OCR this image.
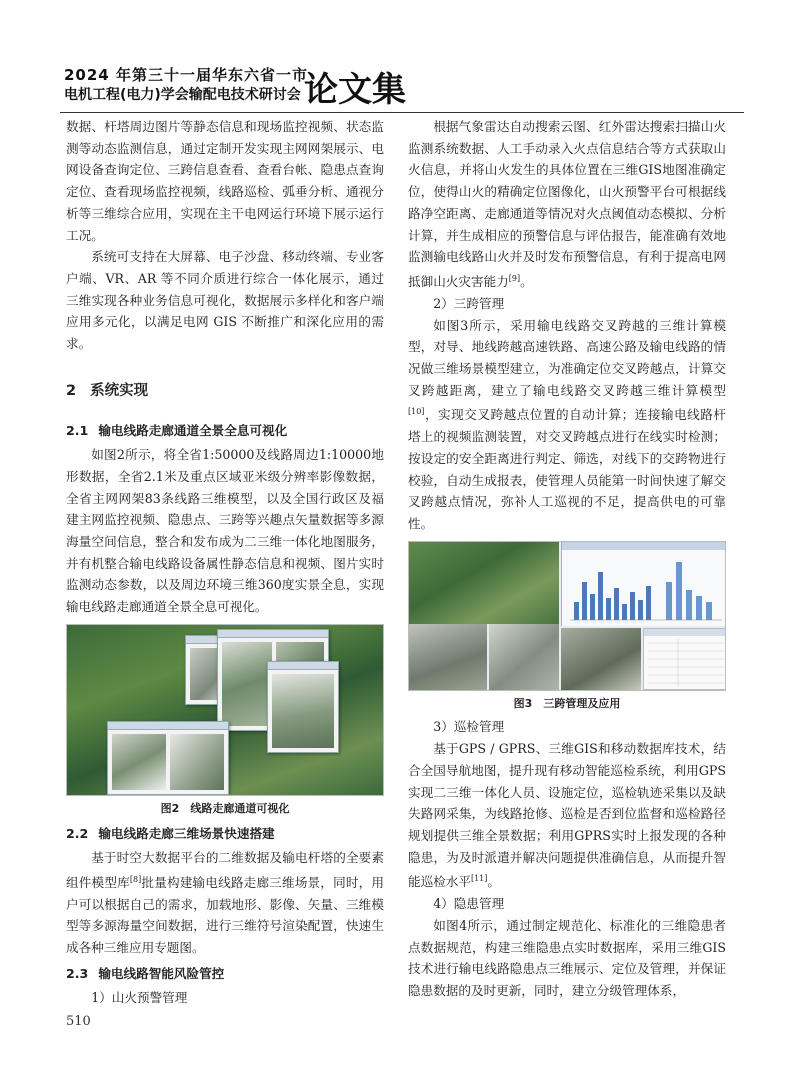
2024 年第三十一届华东六省一市
电机工程(电力)学会输配电技术研讨会 论文集

数据、杆塔周边图片等静态信息和现场监控视频、状态监测等动态监测信息，通过定制开发实现主网网架展示、电网设备查询定位、三跨信息查看、查看台帐、隐患点查询定位、查看现场监控视频，线路巡检、弧垂分析、通视分析等三维综合应用，实现在主干电网运行环境下展示运行工况。

系统可支持在大屏幕、电子沙盘、移动终端、专业客户端、VR、AR 等不同介质进行综合一体化展示，通过三维实现各种业务信息可视化，数据展示多样化和客户端应用多元化，以满足电网 GIS 不断推广和深化应用的需求。

2 系统实现
2.1 输电线路走廊通道全景全息可视化

如图2所示，将全省1:50000及线路周边1:10000地形数据，全省2.1米及重点区域亚米级分辨率影像数据，全省主网网架83条线路三维模型，以及全国行政区及福建主网监控视频、隐患点、三跨等兴趣点矢量数据等多源海量空间信息，整合和发布成为二三维一体化地图服务，并有机整合输电线路设备属性静态信息和视频、图片实时监测动态参数，以及周边环境三维360度实景全息，实现输电线路走廊通道全景全息可视化。

图2　线路走廊通道可视化
2.2 输电线路走廊三维场景快速搭建

基于时空大数据平台的二维数据及输电杆塔的全要素组件模型库[8]批量构建输电线路走廊三维场景，同时，用户可以根据自己的需求，加载地形、影像、矢量、三维模型等多源海量空间数据，进行三维符号渲染配置，快速生成各种三维应用专题图。

2.3 输电线路智能风险管控

1）山火预警管理

根据气象雷达自动搜索云图、红外雷达搜索扫描山火监测系统数据、人工手动录入火点信息结合等方式获取山火信息，并将山火发生的具体位置在三维GIS地图准确定位，使得山火的精确定位图像化，山火预警平台可根据线路净空距离、走廊通道等情况对火点阈值动态模拟、分析计算，并生成相应的预警信息与评估报告，能准确有效地监测输电线路山火并及时发布预警信息，有利于提高电网抵御山火灾害能力[9]。

2）三跨管理

如图3所示，采用输电线路交叉跨越的三维计算模型，对导、地线跨越高速铁路、高速公路及输电线路的情况做三维场景模型建立，为准确定位交叉跨越点，计算交叉跨越距离，建立了输电线路交叉跨越三维计算模型[10]，实现交叉跨越点位置的自动计算；连接输电线路杆塔上的视频监测装置，对交叉跨越点进行在线实时检测；按设定的安全距离进行判定、筛选，对线下的交跨物进行校验，自动生成报表，使管理人员能第一时间快速了解交叉跨越点情况，弥补人工巡视的不足，提高供电的可靠性。

图3　三跨管理及应用

3）巡检管理

基于GPS / GPRS、三维GIS和移动数据库技术，结合全国导航地图，提升现有移动智能巡检系统，利用GPS实现二三维一体化人员、设施定位，巡检轨迹采集以及缺失路网采集，为线路抢修、巡检是否到位监督和巡检路径规划提供三维全景数据；利用GPRS实时上报发现的各种隐患，为及时派遣并解决问题提供准确信息，从而提升智能巡检水平[11]。

4）隐患管理

如图4所示，通过制定规范化、标准化的三维隐患者点数据规范，构建三维隐患点实时数据库，采用三维GIS技术进行输电线路隐患点三维展示、定位及管理，并保证隐患数据的及时更新，同时，建立分级管理体系，

510
